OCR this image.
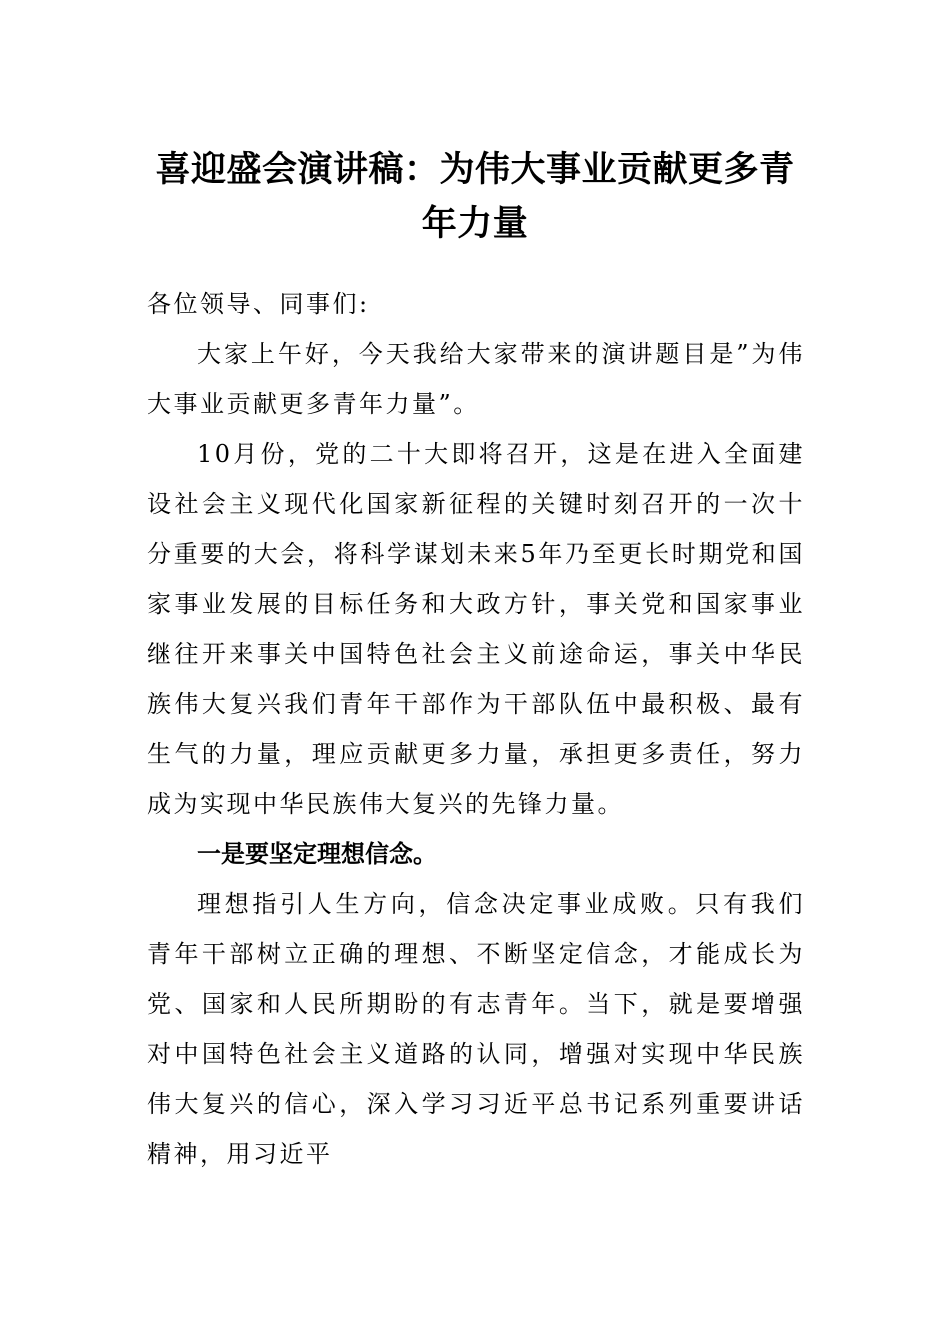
喜迎盛会演讲稿：为伟大事业贡献更多青年力量

各位领导、同事们:

大家上午好，今天我给大家带来的演讲题目是”为伟大事业贡献更多青年力量”。

10月份，党的二十大即将召开，这是在进入全面建设社会主义现代化国家新征程的关键时刻召开的一次十分重要的大会，将科学谋划未来5年乃至更长时期党和国家事业发展的目标任务和大政方针，事关党和国家事业继往开来事关中国特色社会主义前途命运，事关中华民族伟大复兴我们青年干部作为干部队伍中最积极、最有生气的力量，理应贡献更多力量，承担更多责任，努力成为实现中华民族伟大复兴的先锋力量。

一是要坚定理想信念。

理想指引人生方向，信念决定事业成败。只有我们青年干部树立正确的理想、不断坚定信念，才能成长为党、国家和人民所期盼的有志青年。当下，就是要增强对中国特色社会主义道路的认同，增强对实现中华民族伟大复兴的信心，深入学习习近平总书记系列重要讲话精神，用习近平
